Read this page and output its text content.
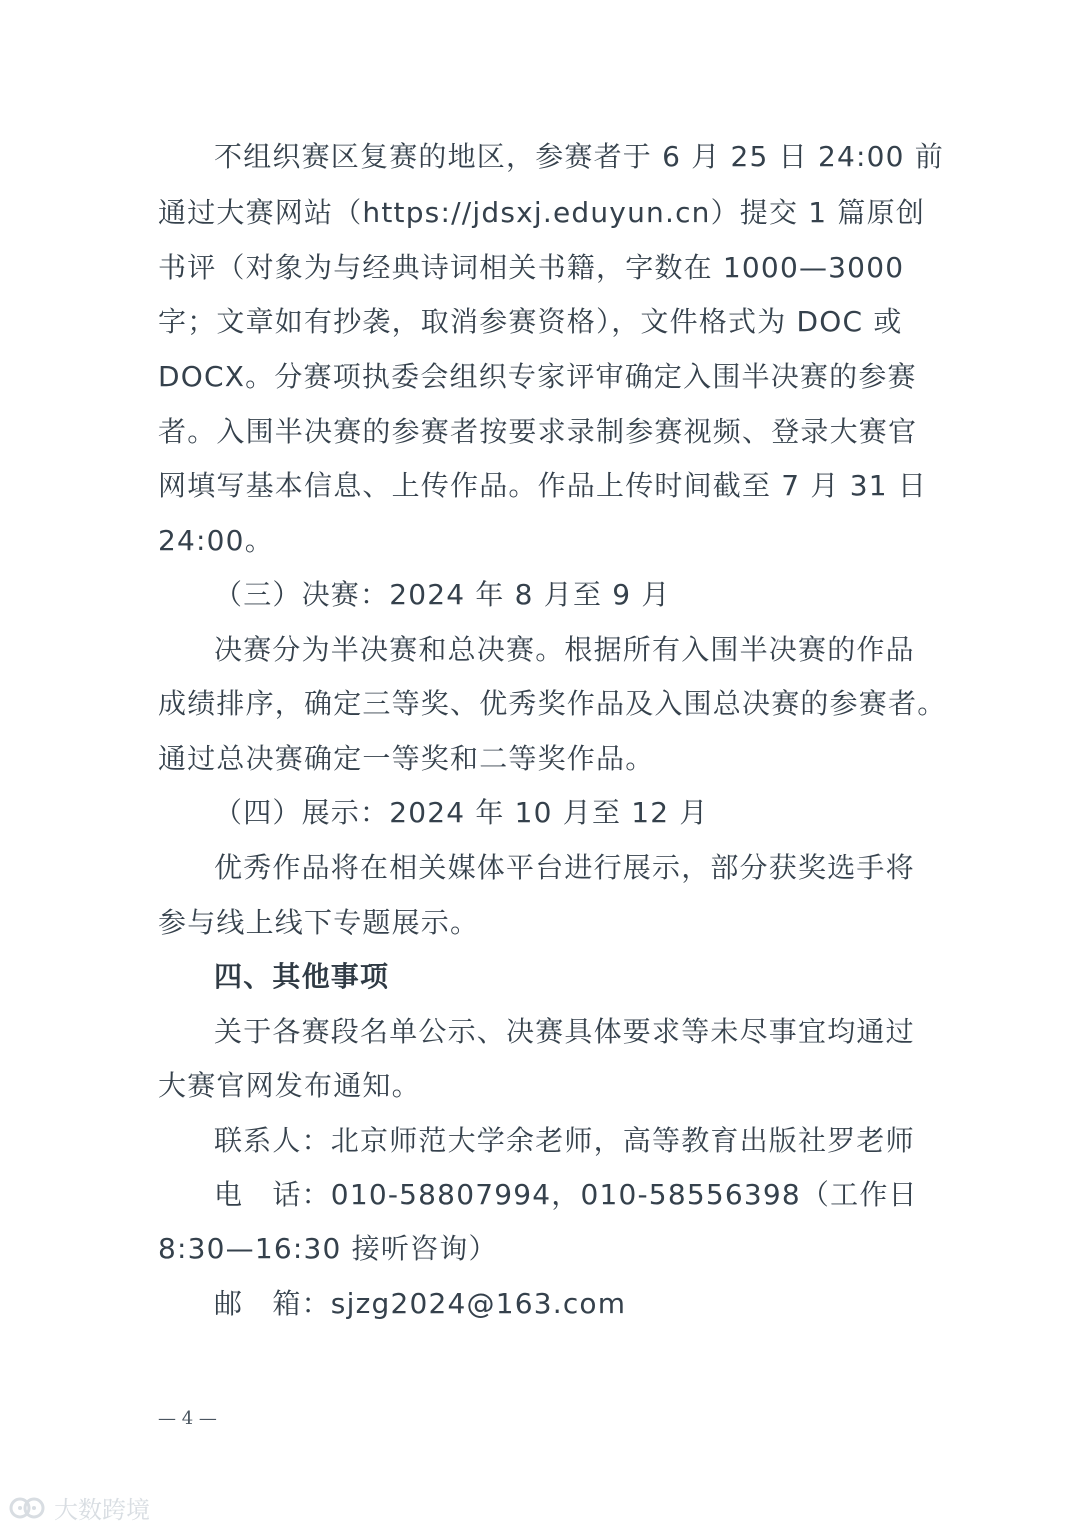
不组织赛区复赛的地区，参赛者于 6 月 25 日 24:00 前
通过大赛网站（https://jdsxj.eduyun.cn）提交 1 篇原创
书评（对象为与经典诗词相关书籍，字数在 1000—3000
字；文章如有抄袭，取消参赛资格），文件格式为 DOC 或
DOCX。分赛项执委会组织专家评审确定入围半决赛的参赛
者。入围半决赛的参赛者按要求录制参赛视频、登录大赛官
网填写基本信息、上传作品。作品上传时间截至 7 月 31 日
24:00。
（三）决赛：2024 年 8 月至 9 月
决赛分为半决赛和总决赛。根据所有入围半决赛的作品
成绩排序，确定三等奖、优秀奖作品及入围总决赛的参赛者。
通过总决赛确定一等奖和二等奖作品。
（四）展示：2024 年 10 月至 12 月
优秀作品将在相关媒体平台进行展示，部分获奖选手将
参与线上线下专题展示。
四、其他事项
关于各赛段名单公示、决赛具体要求等未尽事宜均通过
大赛官网发布通知。
联系人：北京师范大学余老师，高等教育出版社罗老师
电　话：010-58807994，010-58556398（工作日
8:30—16:30 接听咨询）
邮　箱：sjzg2024@163.com
— 4 —
大数跨境
